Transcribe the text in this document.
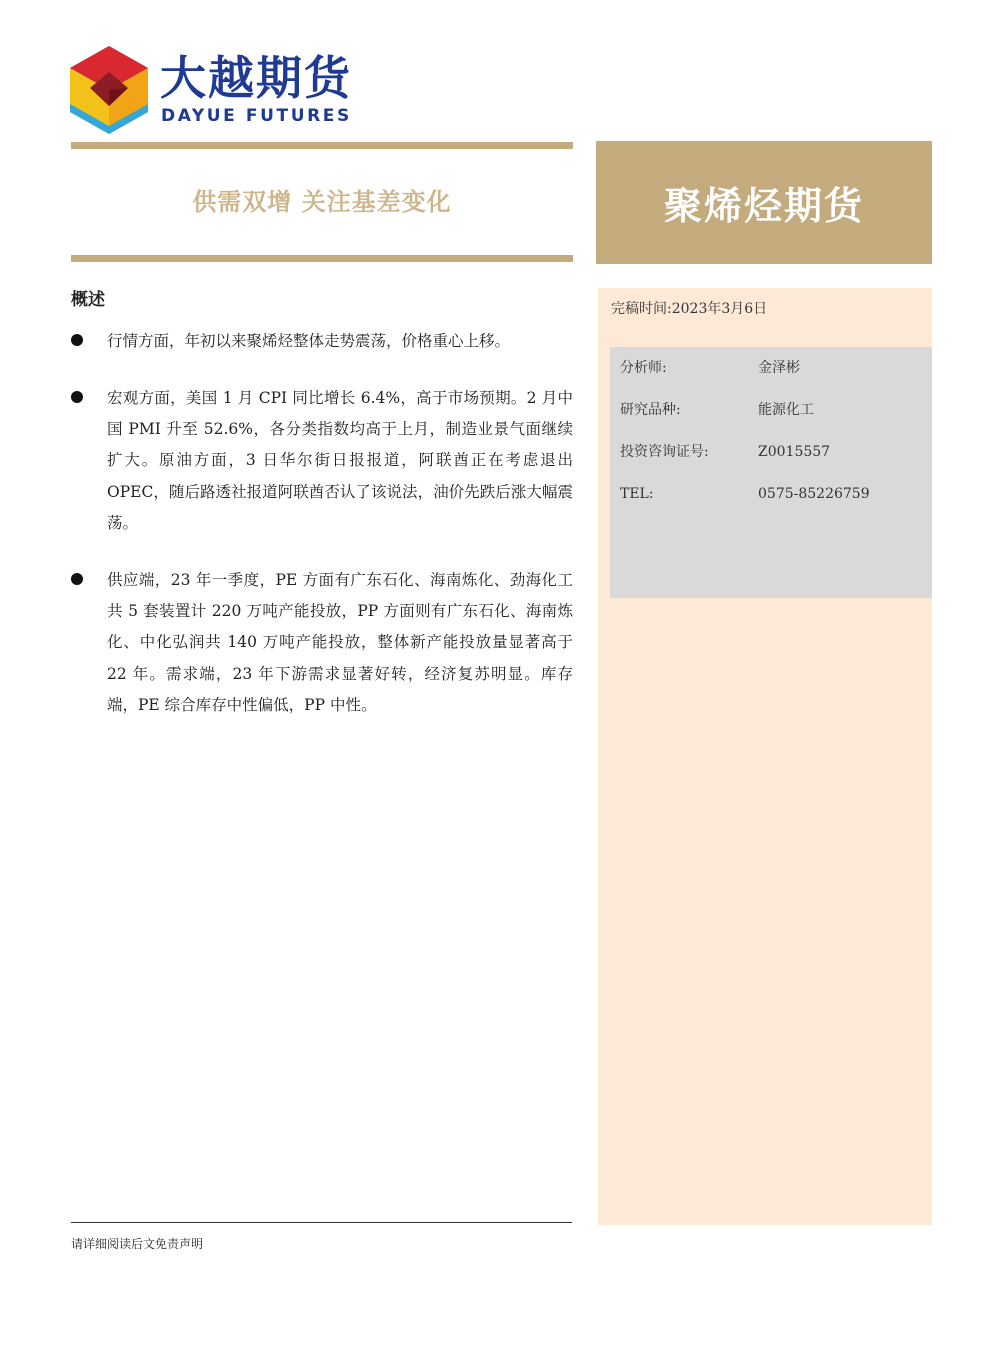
大越期货
DAYUE FUTURES
供需双增 关注基差变化	聚烯烃期货
概述
行情方面，年初以来聚烯烃整体走势震荡，价格重心上移。
宏观方面，美国 1 月 CPI 同比增长 6.4%，高于市场预期。2 月中国 PMI 升至 52.6%，各分类指数均高于上月，制造业景气面继续扩大。原油方面，3 日华尔街日报报道，阿联酋正在考虑退出 OPEC，随后路透社报道阿联酋否认了该说法，油价先跌后涨大幅震荡。
供应端，23 年一季度，PE 方面有广东石化、海南炼化、劲海化工共 5 套装置计 220 万吨产能投放，PP 方面则有广东石化、海南炼化、中化弘润共 140 万吨产能投放，整体新产能投放量显著高于 22 年。需求端，23 年下游需求显著好转，经济复苏明显。库存端，PE 综合库存中性偏低，PP 中性。
完稿时间:2023年3月6日
分析师:	金泽彬
研究品种:	能源化工
投资咨询证号:	Z0015557
TEL:	0575-85226759
请详细阅读后文免责声明
